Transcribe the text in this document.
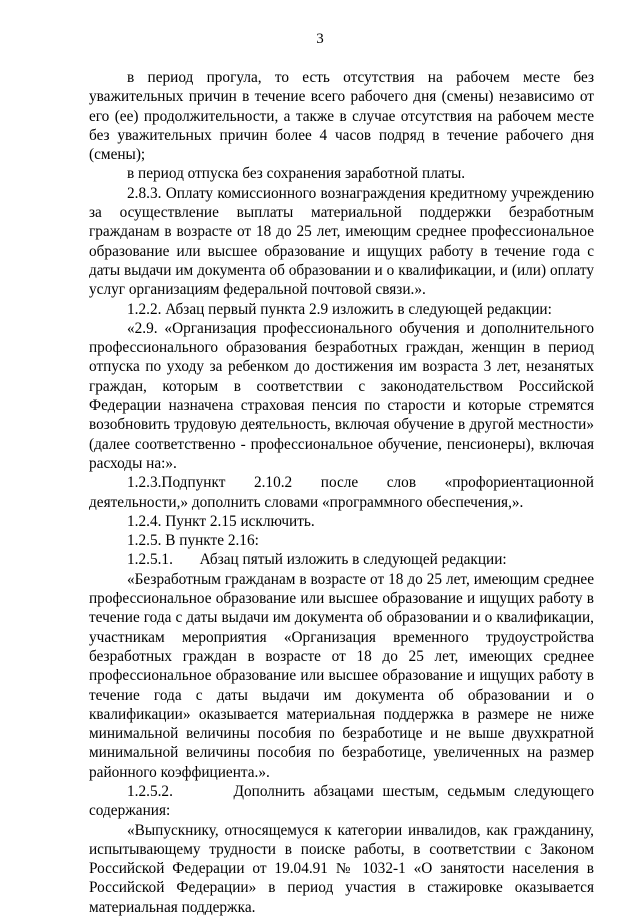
3

в период прогула, то есть отсутствия на рабочем месте без уважительных причин в течение всего рабочего дня (смены) независимо от его (ее) продолжительности, а также в случае отсутствия на рабочем месте без уважительных причин более 4 часов подряд в течение рабочего дня (смены);

в период отпуска без сохранения заработной платы.

2.8.3. Оплату комиссионного вознаграждения кредитному учреждению за осуществление выплаты материальной поддержки безработным гражданам в возрасте от 18 до 25 лет, имеющим среднее профессиональное образование или высшее образование и ищущих работу в течение года с даты выдачи им документа об образовании и о квалификации, и (или) оплату услуг организациям федеральной почтовой связи.».

1.2.2. Абзац первый пункта 2.9 изложить в следующей редакции:

«2.9. «Организация профессионального обучения и дополнительного профессионального образования безработных граждан, женщин в период отпуска по уходу за ребенком до достижения им возраста 3 лет, незанятых граждан, которым в соответствии с законодательством Российской Федерации назначена страховая пенсия по старости и которые стремятся возобновить трудовую деятельность, включая обучение в другой местности» (далее соответственно - профессиональное обучение, пенсионеры), включая расходы на:».

1.2.3.Подпункт 2.10.2 после слов «профориентационной деятельности,» дополнить словами «программного обеспечения,».

1.2.4. Пункт 2.15 исключить.

1.2.5. В пункте 2.16:

1.2.5.1.       Абзац пятый изложить в следующей редакции:

«Безработным гражданам в возрасте от 18 до 25 лет, имеющим среднее профессиональное образование или высшее образование и ищущих работу в течение года с даты выдачи им документа об образовании и о квалификации, участникам мероприятия «Организация временного трудоустройства безработных граждан в возрасте от 18 до 25 лет, имеющих среднее профессиональное образование или высшее образование и ищущих работу в течение года с даты выдачи им документа об образовании и о квалификации» оказывается материальная поддержка в размере не ниже минимальной величины пособия по безработице и не выше двухкратной минимальной величины пособия по безработице, увеличенных на размер районного коэффициента.».

1.2.5.2.       Дополнить абзацами шестым, седьмым следующего содержания:

«Выпускнику, относящемуся к категории инвалидов, как гражданину, испытывающему трудности в поиске работы, в соответствии с Законом Российской Федерации от 19.04.91 № 1032-1 «О занятости населения в Российской Федерации» в период участия в стажировке оказывается материальная поддержка.
